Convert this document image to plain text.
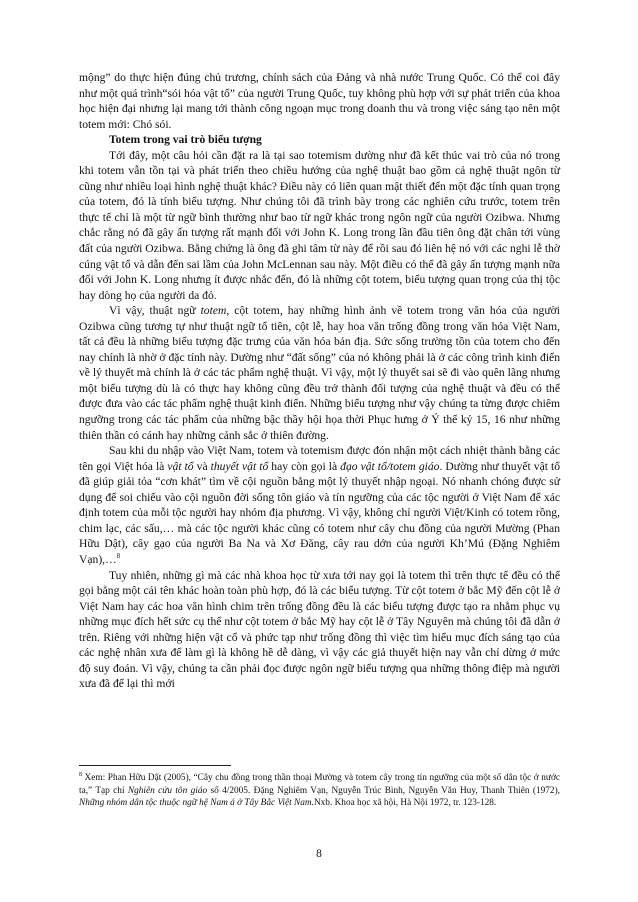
mộng” do thực hiện đúng chủ trương, chính sách của Đảng và nhà nước Trung Quốc. Có thể coi đây như một quá trình“sói hóa vật tổ” của người Trung Quốc, tuy không phù hợp với sự phát triển của khoa học hiện đại nhưng lại mang tới thành công ngoạn mục trong doanh thu và trong việc sáng tạo nên một totem mới: Chó sói.

Totem trong vai trò biểu tượng

Tới đây, một câu hỏi cần đặt ra là tại sao totemism dường như đã kết thúc vai trò của nó trong khi totem vẫn tồn tại và phát triển theo chiều hướng của nghệ thuật bao gồm cả nghệ thuật ngôn từ cũng như nhiều loại hình nghệ thuật khác? Điều này có liên quan mật thiết đến một đặc tính quan trọng của totem, đó là tính biểu tượng. Như chúng tôi đã trình bày trong các nghiên cứu trước, totem trên thực tế chỉ là một từ ngữ bình thường như bao từ ngữ khác trong ngôn ngữ của người Ozibwa. Nhưng chắc rằng nó đã gây ấn tượng rất mạnh đối với John K. Long trong lần đầu tiên ông đặt chân tới vùng đất của người Ozibwa. Bằng chứng là ông đã ghi tâm từ này để rồi sau đó liên hệ nó với các nghi lễ thờ cúng vật tổ và dẫn đến sai lầm của John McLennan sau này. Một điều có thể đã gây ấn tượng mạnh nữa đối với John K. Long nhưng ít được nhắc đến, đó là những cột totem, biểu tượng quan trọng của thị tộc hay dòng họ của người da đỏ.

Vì vậy, thuật ngữ totem, cột totem, hay những hình ảnh về totem trong văn hóa của người Ozibwa cũng tương tự như thuật ngữ tổ tiên, cột lễ, hay hoa văn trống đồng trong văn hóa Việt Nam, tất cả đều là những biểu tượng đặc trưng của văn hóa bản địa. Sức sống trường tồn của totem cho đến nay chính là nhờ ở đặc tính này. Dường như “đất sống” của nó không phải là ở các công trình kinh điển về lý thuyết mà chính là ở các tác phẩm nghệ thuật. Vì vậy, một lý thuyết sai sẽ đi vào quên lãng nhưng một biểu tượng dù là có thực hay không cũng đều trở thành đối tượng của nghệ thuật và đều có thể được đưa vào các tác phẩm nghệ thuật kinh điển. Những biểu tượng như vậy chúng ta từng được chiêm ngưỡng trong các tác phẩm của những bậc thầy hội họa thời Phục hưng ở Ý thế kỷ 15, 16 như những thiên thần có cánh hay những cảnh sắc ở thiên đường.

Sau khi du nhập vào Việt Nam, totem và totemism được đón nhận một cách nhiệt thành bằng các tên gọi Việt hóa là vật tổ và thuyết vật tổ hay còn gọi là đạo vật tổ/totem giáo. Dường như thuyết vật tổ đã giúp giải tỏa “cơn khát” tìm về cội nguồn bằng một lý thuyết nhập ngoại. Nó nhanh chóng được sử dụng để soi chiếu vào cội nguồn đời sống tôn giáo và tín ngưỡng của các tộc người ở Việt Nam để xác định totem của mỗi tộc người hay nhóm địa phương. Vì vậy, không chỉ người Việt/Kinh có totem rồng, chim lạc, các sấu,… mà các tộc người khác cũng có totem như cây chu đồng của người Mường (Phan Hữu Dật), cây gạo của người Ba Na và Xơ Đăng, cây rau dớn của người Kh’Mú (Đặng Nghiêm Vạn),…$^8$

Tuy nhiên, những gì mà các nhà khoa học từ xưa tới nay gọi là totem thì trên thực tế đều có thể gọi bằng một cái tên khác hoàn toàn phù hợp, đó là các biểu tượng. Từ cột totem ở bắc Mỹ đến cột lễ ở Việt Nam hay các hoa văn hình chim trên trống đồng đều là các biểu tượng được tạo ra nhằm phục vụ những mục đích hết sức cụ thể như cột totem ở bắc Mỹ hay cột lễ ở Tây Nguyên mà chúng tôi đã dẫn ở trên. Riêng với những hiện vật cổ và phức tạp như trống đồng thì việc tìm hiểu mục đích sáng tạo của các nghệ nhân xưa để làm gì là không hề dễ dàng, vì vậy các giả thuyết hiện nay vẫn chỉ dừng ở mức độ suy đoán. Vì vậy, chúng ta cần phải đọc được ngôn ngữ biểu tượng qua những thông điệp mà người xưa đã để lại thì mới

$^8$ Xem: Phan Hữu Dật (2005), “Cây chu đồng trong thần thoại Mường và totem cây trong tín ngưỡng của một số dân tộc ở nước ta,” Tạp chí Nghiên cứu tôn giáo số 4/2005. Đặng Nghiêm Vạn, Nguyễn Trúc Bình, Nguyễn Văn Huy, Thanh Thiên (1972), Những nhóm dân tộc thuộc ngữ hệ Nam á ở Tây Bắc Việt Nam.Nxb. Khoa học xã hội, Hà Nội 1972, tr. 123-128.
8
